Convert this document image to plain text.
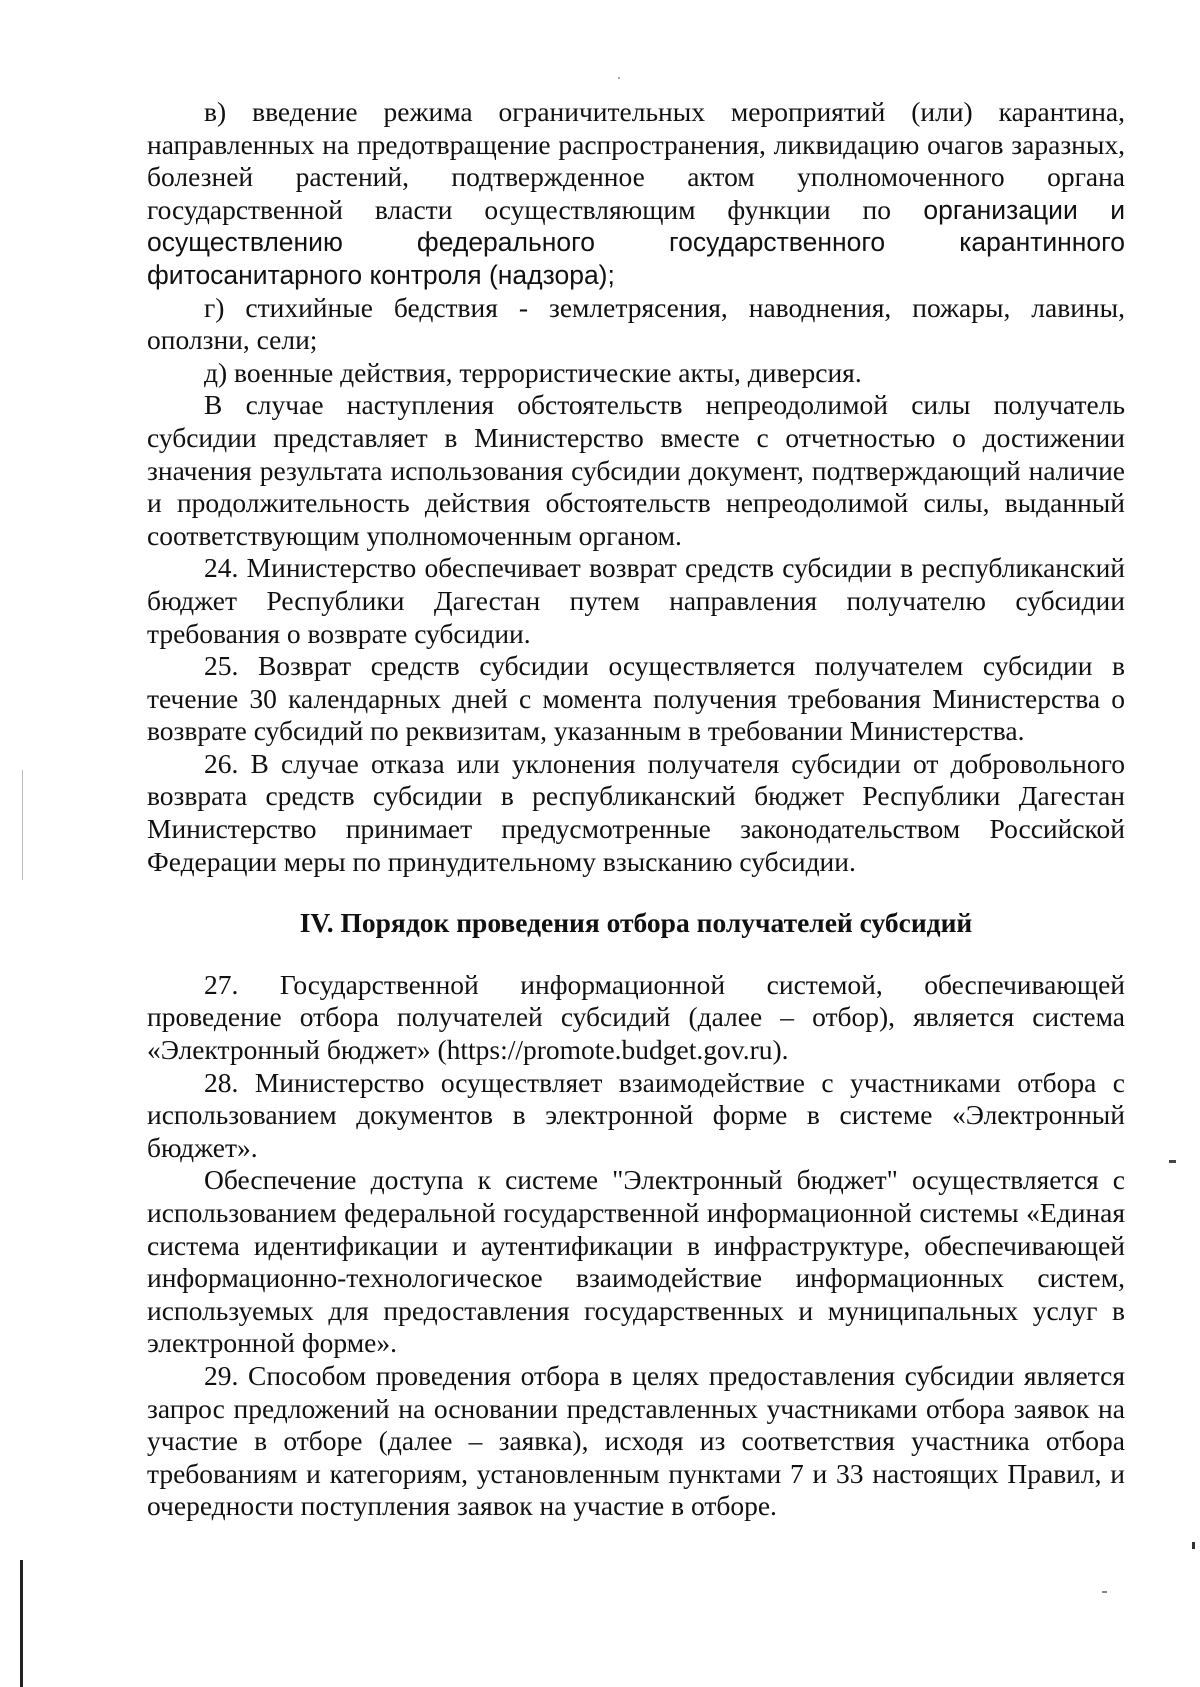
в) введение режима ограничительных мероприятий (или) карантина, направленных на предотвращение распространения, ликвидацию очагов заразных, болезней растений, подтвержденное актом уполномоченного органа государственной власти осуществляющим функции по организации и осуществлению федерального государственного карантинного фитосанитарного контроля (надзора);

г) стихийные бедствия - землетрясения, наводнения, пожары, лавины, оползни, сели;

д) военные действия, террористические акты, диверсия.

В случае наступления обстоятельств непреодолимой силы получатель субсидии представляет в Министерство вместе с отчетностью о достижении значения результата использования субсидии документ, подтверждающий наличие и продолжительность действия обстоятельств непреодолимой силы, выданный соответствующим уполномоченным органом.

24. Министерство обеспечивает возврат средств субсидии в республиканский бюджет Республики Дагестан путем направления получателю субсидии требования о возврате субсидии.

25. Возврат средств субсидии осуществляется получателем субсидии в течение 30 календарных дней с момента получения требования Министерства о возврате субсидий по реквизитам, указанным в требовании Министерства.

26. В случае отказа или уклонения получателя субсидии от добровольного возврата средств субсидии в республиканский бюджет Республики Дагестан Министерство принимает предусмотренные законодательством Российской Федерации меры по принудительному взысканию субсидии.

IV. Порядок проведения отбора получателей субсидий

27. Государственной информационной системой, обеспечивающей проведение отбора получателей субсидий (далее – отбор), является система «Электронный бюджет» (https://promote.budget.gov.ru).

28. Министерство осуществляет взаимодействие с участниками отбора с использованием документов в электронной форме в системе «Электронный бюджет».

Обеспечение доступа к системе "Электронный бюджет" осуществляется с использованием федеральной государственной информационной системы «Единая система идентификации и аутентификации в инфраструктуре, обеспечивающей информационно-технологическое взаимодействие информационных систем, используемых для предоставления государственных и муниципальных услуг в электронной форме».

29. Способом проведения отбора в целях предоставления субсидии является запрос предложений на основании представленных участниками отбора заявок на участие в отборе (далее – заявка), исходя из соответствия участника отбора требованиям и категориям, установленным пунктами 7 и 33 настоящих Правил, и очередности поступления заявок на участие в отборе.
